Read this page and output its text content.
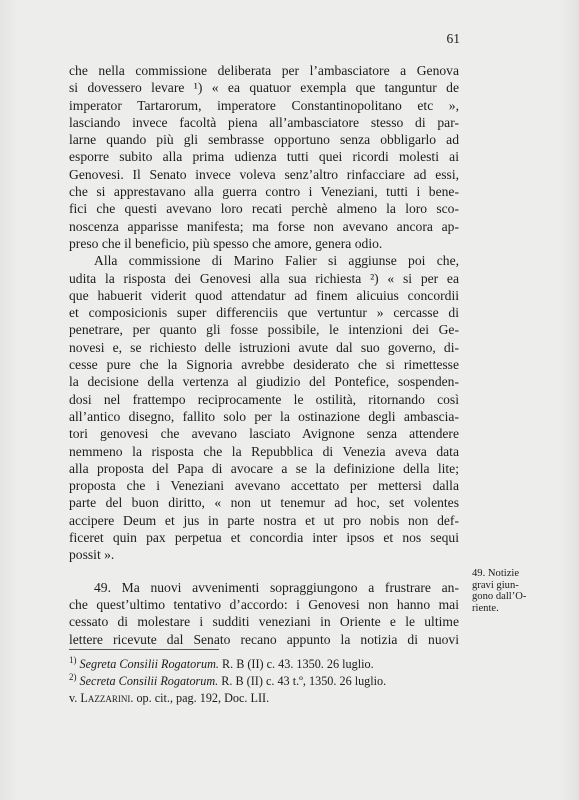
61
che nella commissione deliberata per l’ambasciatore a Genova
si dovessero levare ¹) « ea quatuor exempla que tanguntur de
imperator Tartarorum, imperatore Constantinopolitano etc »,
lasciando invece facoltà piena all’ambasciatore stesso di par-
larne quando più gli sembrasse opportuno senza obbligarlo ad
esporre subito alla prima udienza tutti quei ricordi molesti ai
Genovesi. Il Senato invece voleva senz’altro rinfacciare ad essi,
che si apprestavano alla guerra contro i Veneziani, tutti i bene-
fici che questi avevano loro recati perchè almeno la loro sco-
noscenza apparisse manifesta; ma forse non avevano ancora ap-
preso che il beneficio, più spesso che amore, genera odio.
Alla commissione di Marino Falier si aggiunse poi che,
udita la risposta dei Genovesi alla sua richiesta ²) « si per ea
que habuerit viderit quod attendatur ad finem alicuius concordii
et composicionis super differenciis que vertuntur » cercasse di
penetrare, per quanto gli fosse possibile, le intenzioni dei Ge-
novesi e, se richiesto delle istruzioni avute dal suo governo, di-
cesse pure che la Signoria avrebbe desiderato che si rimettesse
la decisione della vertenza al giudizio del Pontefice, sospenden-
dosi nel frattempo reciprocamente le ostilità, ritornando così
all’antico disegno, fallito solo per la ostinazione degli ambascia-
tori genovesi che avevano lasciato Avignone senza attendere
nemmeno la risposta che la Repubblica di Venezia aveva data
alla proposta del Papa di avocare a se la definizione della lite;
proposta che i Veneziani avevano accettato per mettersi dalla
parte del buon diritto, « non ut tenemur ad hoc, set volentes
accipere Deum et jus in parte nostra et ut pro nobis non def-
ficeret quin pax perpetua et concordia inter ipsos et nos sequi
possit ».
49. Ma nuovi avvenimenti sopraggiungono a frustrare an-
che quest’ultimo tentativo d’accordo: i Genovesi non hanno mai
cessato di molestare i sudditi veneziani in Oriente e le ultime
lettere ricevute dal Senato recano appunto la notizia di nuovi
49. Notizie
gravi giun-
gono dall’O-
riente.
$^{1)}$ Segreta Consilii Rogatorum. R. B (II) c. 43. 1350. 26 luglio.
$^{2)}$ Secreta Consilii Rogatorum. R. B (II) c. 43 t.º, 1350. 26 luglio.
v. Lazzarini. op. cit., pag. 192, Doc. LII.
